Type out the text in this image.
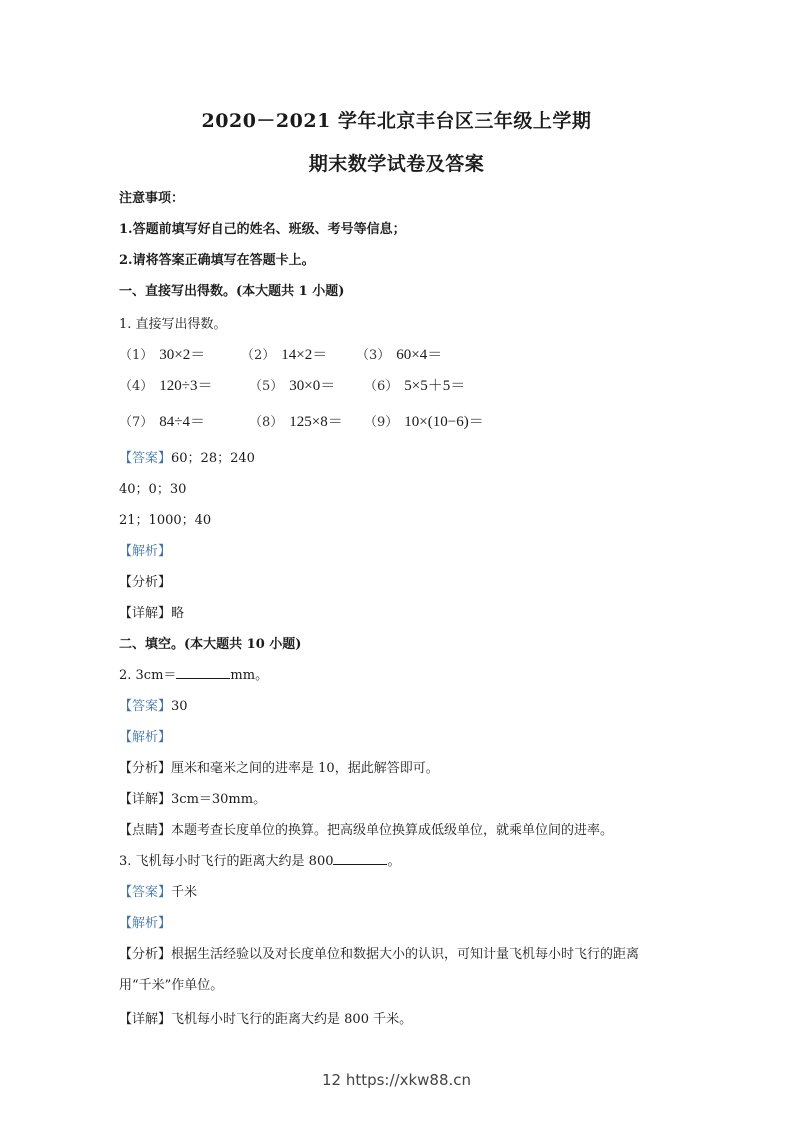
2020－2021 学年北京丰台区三年级上学期
期末数学试卷及答案
注意事项：
1.答题前填写好自己的姓名、班级、考号等信息；
2.请将答案正确填写在答题卡上。
一、直接写出得数。(本大题共 1 小题)
1. 直接写出得数。
（1） 30×2＝	（2） 14×2＝ （3） 60×4＝
（4） 120÷3＝	（5） 30×0＝ （6） 5×5＋5＝
（7） 84÷4＝	（8） 125×8＝ （9） 10×(10−6)＝
【答案】60；28；240
40；0；30
21；1000；40
【解析】
【分析】
【详解】略
二、填空。(本大题共 10 小题)
2. 3cm＝	mm。
【答案】30
【解析】
【分析】厘米和毫米之间的进率是 10，据此解答即可。
【详解】3cm＝30mm。
【点睛】本题考查长度单位的换算。把高级单位换算成低级单位，就乘单位间的进率。
3. 飞机每小时飞行的距离大约是 800	。
【答案】千米
【解析】
【分析】根据生活经验以及对长度单位和数据大小的认识，可知计量飞机每小时飞行的距离
用“千米”作单位。
【详解】飞机每小时飞行的距离大约是 800 千米。
12 https://xkw88.cn
